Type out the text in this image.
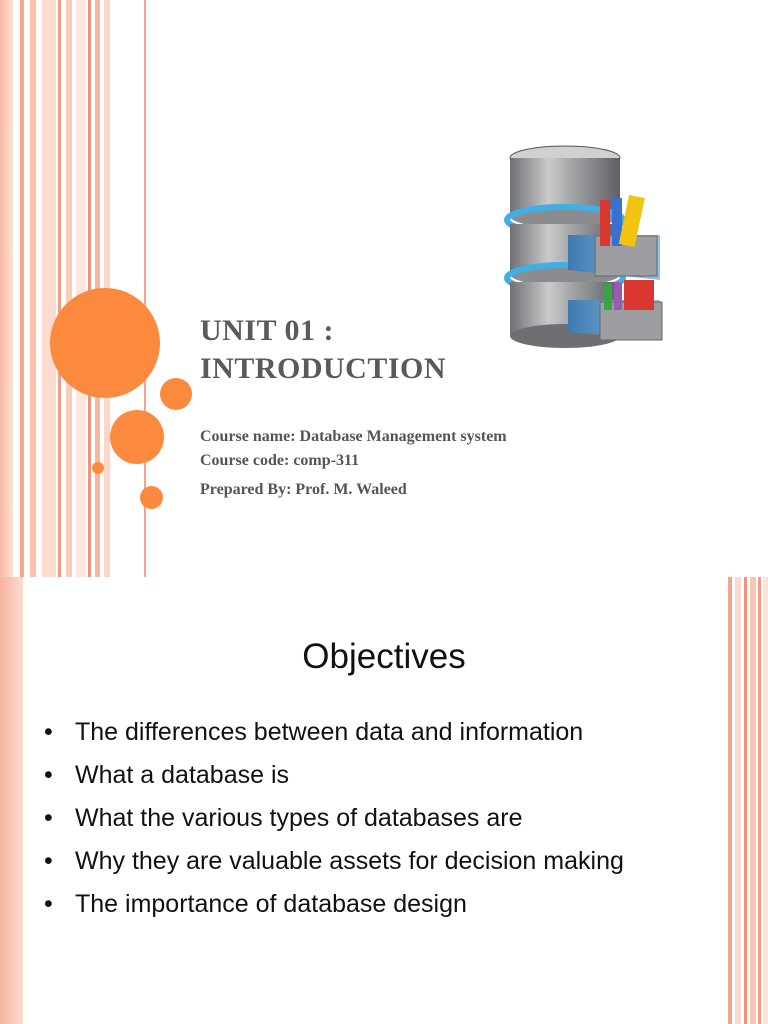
UNIT 01 :
INTRODUCTION
Course name: Database Management system
Course code: comp-311
Prepared By: Prof. M. Waleed
Objectives
• The differences between data and information
• What a database is
• What the various types of databases are
• Why they are valuable assets for decision making
• The importance of database design
